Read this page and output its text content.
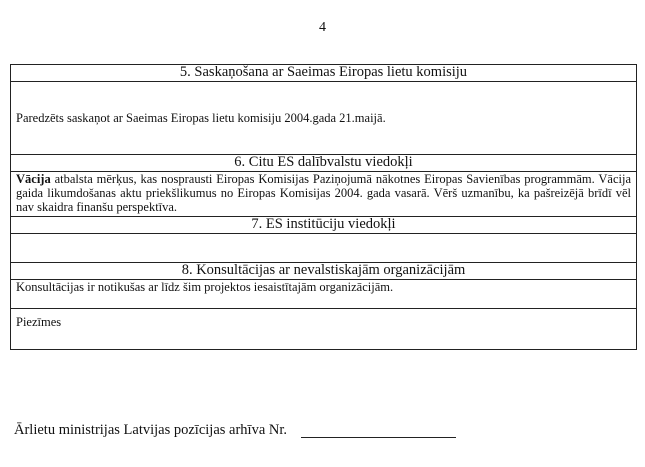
4
5. Saskaņošana ar Saeimas Eiropas lietu komisiju
Paredzēts saskaņot ar Saeimas Eiropas lietu komisiju 2004.gada 21.maijā.
6. Citu ES dalībvalstu viedokļi
Vācija atbalsta mērķus, kas nosprausti Eiropas Komisijas Paziņojumā nākotnes Eiropas Savienības programmām. Vācija gaida likumdošanas aktu priekšlikumus no Eiropas Komisijas 2004. gada vasarā. Vērš uzmanību, ka pašreizējā brīdī vēl nav skaidra finanšu perspektīva.
7. ES institūciju viedokļi

8. Konsultācijas ar nevalstiskajām organizācijām
Konsultācijas ir notikušas ar līdz šim projektos iesaistītajām organizācijām.
Piezīmes
Ārlietu ministrijas Latvijas pozīcijas arhīva Nr.
